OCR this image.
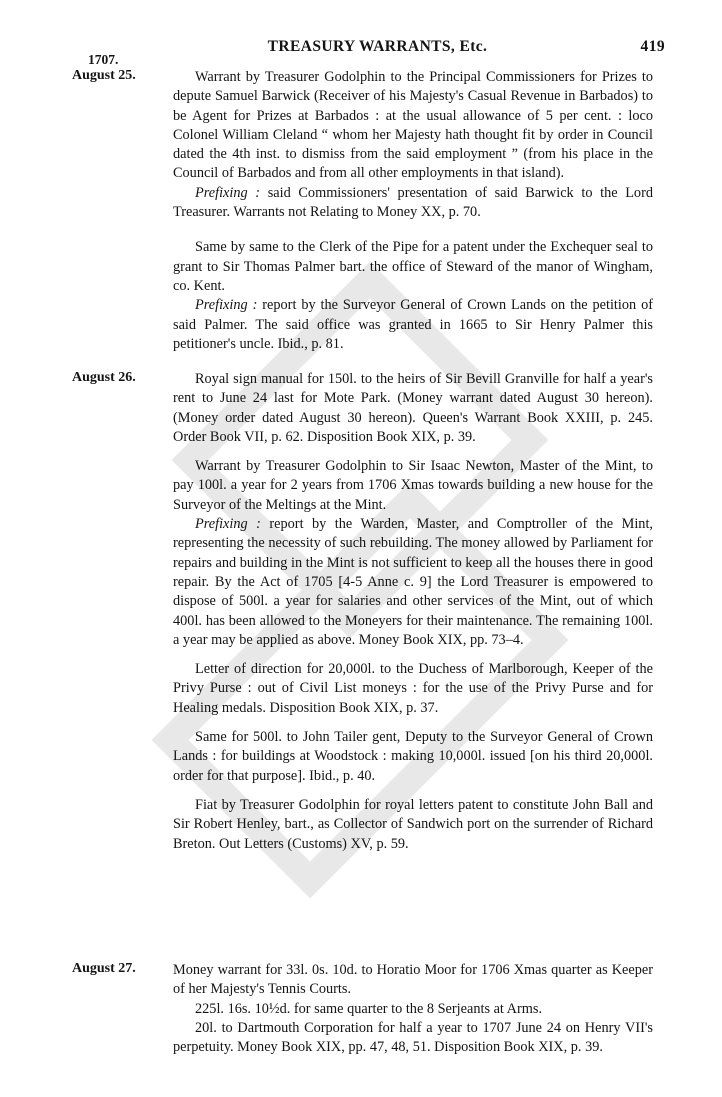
TREASURY WARRANTS, Etc.	419
1707.
August 25.	Warrant by Treasurer Godolphin to the Principal Commissioners for Prizes to depute Samuel Barwick (Receiver of his Majesty's Casual Revenue in Barbados) to be Agent for Prizes at Barbados : at the usual allowance of 5 per cent. : loco Colonel William Cleland “ whom her Majesty hath thought fit by order in Council dated the 4th inst. to dismiss from the said employment ” (from his place in the Council of Barbados and from all other employments in that island).

Prefixing : said Commissioners' presentation of said Barwick to the Lord Treasurer. Warrants not Relating to Money XX, p. 70.

Same by same to the Clerk of the Pipe for a patent under the Exchequer seal to grant to Sir Thomas Palmer bart. the office of Steward of the manor of Wingham, co. Kent.

Prefixing : report by the Surveyor General of Crown Lands on the petition of said Palmer. The said office was granted in 1665 to Sir Henry Palmer this petitioner's uncle. Ibid., p. 81.

August 26.	Royal sign manual for 150l. to the heirs of Sir Bevill Granville for half a year's rent to June 24 last for Mote Park. (Money warrant dated August 30 hereon). (Money order dated August 30 hereon). Queen's Warrant Book XXIII, p. 245. Order Book VII, p. 62. Disposition Book XIX, p. 39.

Warrant by Treasurer Godolphin to Sir Isaac Newton, Master of the Mint, to pay 100l. a year for 2 years from 1706 Xmas towards building a new house for the Surveyor of the Meltings at the Mint.

Prefixing : report by the Warden, Master, and Comptroller of the Mint, representing the necessity of such rebuilding. The money allowed by Parliament for repairs and building in the Mint is not sufficient to keep all the houses there in good repair. By the Act of 1705 [4-5 Anne c. 9] the Lord Treasurer is empowered to dispose of 500l. a year for salaries and other services of the Mint, out of which 400l. has been allowed to the Moneyers for their maintenance. The remaining 100l. a year may be applied as above. Money Book XIX, pp. 73–4.

Letter of direction for 20,000l. to the Duchess of Marlborough, Keeper of the Privy Purse : out of Civil List moneys : for the use of the Privy Purse and for Healing medals. Disposition Book XIX, p. 37.

Same for 500l. to John Tailer gent, Deputy to the Surveyor General of Crown Lands : for buildings at Woodstock : making 10,000l. issued [on his third 20,000l. order for that purpose]. Ibid., p. 40.

Fiat by Treasurer Godolphin for royal letters patent to constitute John Ball and Sir Robert Henley, bart., as Collector of Sandwich port on the surrender of Richard Breton. Out Letters (Customs) XV, p. 59.

August 27.	Money warrant for 33l. 0s. 10d. to Horatio Moor for 1706 Xmas quarter as Keeper of her Majesty's Tennis Courts.

225l. 16s. 10½d. for same quarter to the 8 Serjeants at Arms.

20l. to Dartmouth Corporation for half a year to 1707 June 24 on Henry VII's perpetuity. Money Book XIX, pp. 47, 48, 51. Disposition Book XIX, p. 39.
